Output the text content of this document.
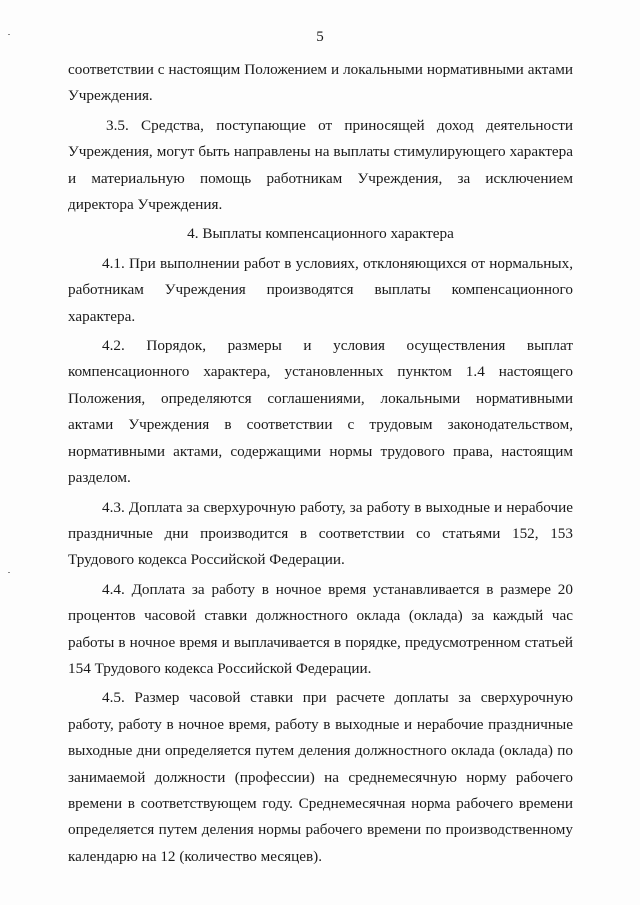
5

соответствии с настоящим Положением и локальными нормативными актами Учреждения.

3.5. Средства, поступающие от приносящей доход деятельности Учреждения, могут быть направлены на выплаты стимулирующего характера и материальную помощь работникам Учреждения, за исключением директора Учреждения.

4. Выплаты компенсационного характера

4.1. При выполнении работ в условиях, отклоняющихся от нормальных, работникам Учреждения производятся выплаты компенсационного характера.

4.2. Порядок, размеры и условия осуществления выплат компенсационного характера, установленных пунктом 1.4 настоящего Положения, определяются соглашениями, локальными нормативными актами Учреждения в соответствии с трудовым законодательством, нормативными актами, содержащими нормы трудового права, настоящим разделом.

4.3. Доплата за сверхурочную работу, за работу в выходные и нерабочие праздничные дни производится в соответствии со статьями 152, 153 Трудового кодекса Российской Федерации.

4.4. Доплата за работу в ночное время устанавливается в размере 20 процентов часовой ставки должностного оклада (оклада) за каждый час работы в ночное время и выплачивается в порядке, предусмотренном статьей 154 Трудового кодекса Российской Федерации.

4.5. Размер часовой ставки при расчете доплаты за сверхурочную работу, работу в ночное время, работу в выходные и нерабочие праздничные выходные дни определяется путем деления должностного оклада (оклада) по занимаемой должности (профессии) на среднемесячную норму рабочего времени в соответствующем году. Среднемесячная норма рабочего времени определяется путем деления нормы рабочего времени по производственному календарю на 12 (количество месяцев).
